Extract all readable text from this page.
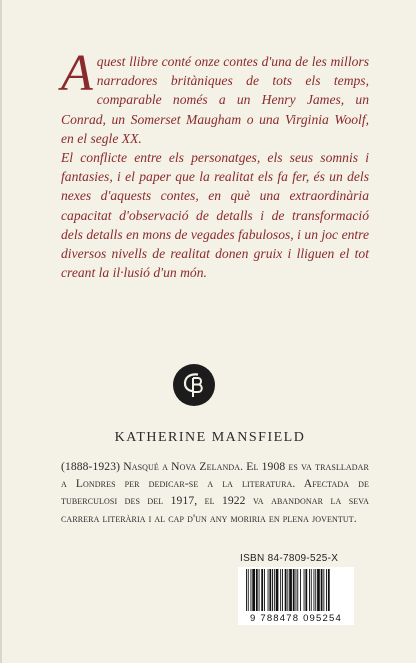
Aquest llibre conté onze contes d'una de les millors narradores britàniques de tots els temps, comparable només a un Henry James, un Conrad, un Somerset Maugham o una Virginia Woolf, en el segle XX.

El conflicte entre els personatges, els seus somnis i fantasies, i el paper que la realitat els fa fer, és un dels nexes d'aquests contes, en què una extraordinària capacitat d'observació de detalls i de transformació dels detalls en mons de vegades fabulosos, i un joc entre diversos nivells de realitat donen gruix i lliguen el tot creant la il·lusió d'un món.

KATHERINE MANSFIELD
(1888-1923) Nasqué a Nova Zelanda. El 1908 es va traslladar a Londres per dedicar-se a la literatura. Afectada de tuberculosi des del 1917, el 1922 va abandonar la seva carrera literària i al cap d'un any moriria en plena joventut.
ISBN 84-7809-525-X
9 788478 095254
